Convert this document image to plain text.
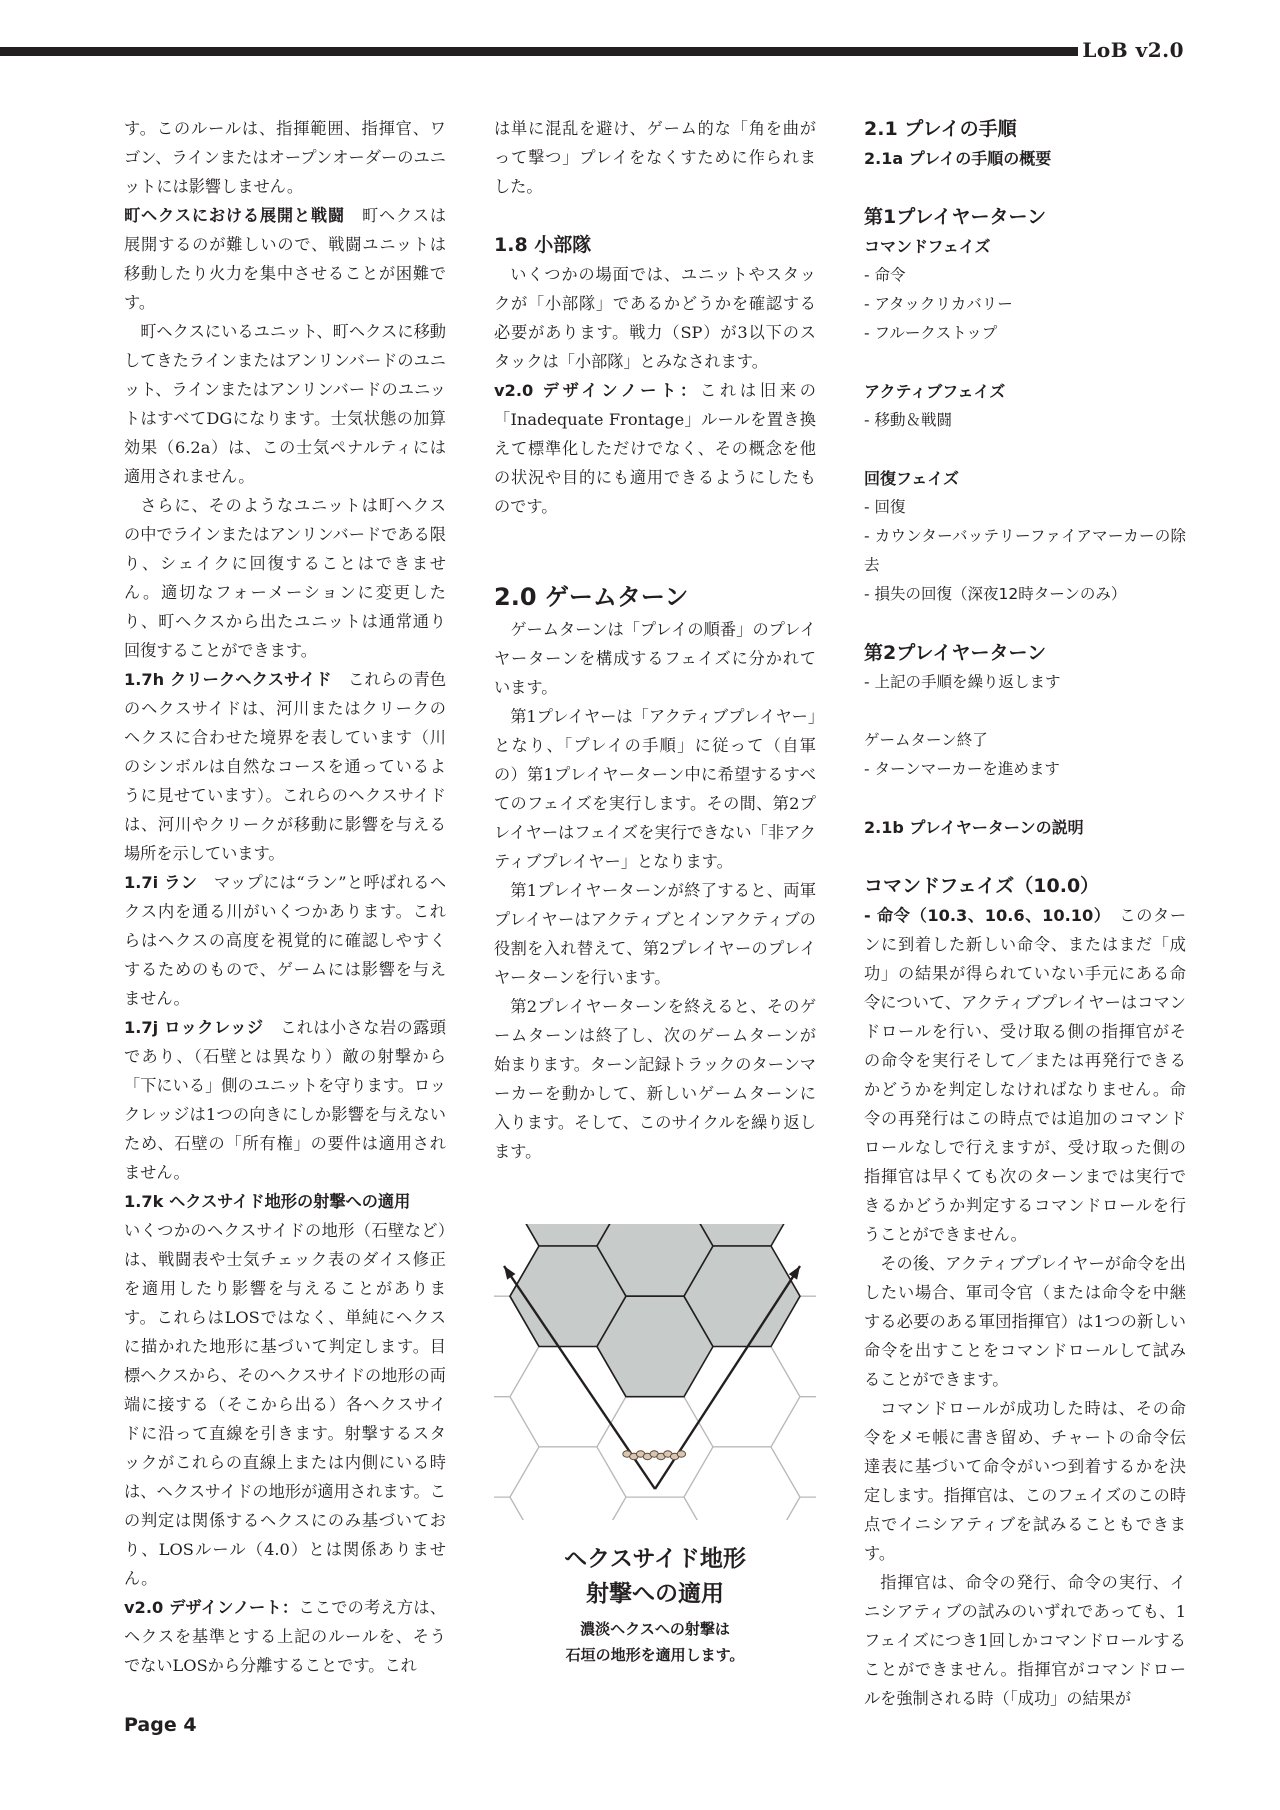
LoB v2.0

す。このルールは、指揮範囲、指揮官、ワゴン、ラインまたはオープンオーダーのユニットには影響しません。

町ヘクスにおける展開と戦闘　 町ヘクスは展開するのが難しいので、戦闘ユニットは移動したり火力を集中させることが困難です。

町ヘクスにいるユニット、町ヘクスに移動してきたラインまたはアンリンバードのユニット、ラインまたはアンリンバードのユニットはすべてDGになります。士気状態の加算効果（6.2a）は、この士気ペナルティには適用されません。

さらに、そのようなユニットは町ヘクスの中でラインまたはアンリンバードである限り、シェイクに回復することはできません。適切なフォーメーションに変更したり、町ヘクスから出たユニットは通常通り回復することができます。

1.7h クリークヘクスサイド　 これらの青色のヘクスサイドは、河川またはクリークのヘクスに合わせた境界を表しています（川のシンボルは自然なコースを通っているように見せています）。これらのヘクスサイドは、河川やクリークが移動に影響を与える場所を示しています。

1.7i ラン　 マップには“ラン”と呼ばれるヘクス内を通る川がいくつかあります。これらはヘクスの高度を視覚的に確認しやすくするためのもので、ゲームには影響を与えません。

1.7j ロックレッジ　 これは小さな岩の露頭であり、（石壁とは異なり）敵の射撃から「下にいる」側のユニットを守ります。ロックレッジは1つの向きにしか影響を与えないため、石壁の「所有権」の要件は適用されません。

1.7k ヘクスサイド地形の射撃への適用

いくつかのヘクスサイドの地形（石壁など）は、戦闘表や士気チェック表のダイス修正を適用したり影響を与えることがあります。これらはLOSではなく、単純にヘクスに描かれた地形に基づいて判定します。目標ヘクスから、そのヘクスサイドの地形の両端に接する（そこから出る）各ヘクスサイドに沿って直線を引きます。射撃するスタックがこれらの直線上または内側にいる時は、ヘクスサイドの地形が適用されます。この判定は関係するヘクスにのみ基づいており、LOSルール（4.0）とは関係ありません。

v2.0 デザインノート：ここでの考え方は、ヘクスを基準とする上記のルールを、そうでないLOSから分離することです。これ

は単に混乱を避け、ゲーム的な「角を曲がって撃つ」プレイをなくすために作られました。

1.8 小部隊

いくつかの場面では、ユニットやスタックが「小部隊」であるかどうかを確認する必要があります。戦力（SP）が3以下のスタックは「小部隊」とみなされます。

v2.0 デザインノート：これは旧来の「Inadequate Frontage」ルールを置き換えて標準化しただけでなく、その概念を他の状況や目的にも適用できるようにしたものです。

2.0 ゲームターン

ゲームターンは「プレイの順番」のプレイヤーターンを構成するフェイズに分かれています。

第1プレイヤーは「アクティブプレイヤー」となり、「プレイの手順」に従って（自軍の）第1プレイヤーターン中に希望するすべてのフェイズを実行します。その間、第2プレイヤーはフェイズを実行できない「非アクティブプレイヤー」となります。

第1プレイヤーターンが終了すると、両軍プレイヤーはアクティブとインアクティブの役割を入れ替えて、第2プレイヤーのプレイヤーターンを行います。

第2プレイヤーターンを終えると、そのゲームターンは終了し、次のゲームターンが始まります。ターン記録トラックのターンマーカーを動かして、新しいゲームターンに入ります。そして、このサイクルを繰り返します。

ヘクスサイド地形
射撃への適用
濃淡ヘクスへの射撃は
石垣の地形を適用します。

2.1 プレイの手順

2.1a プレイの手順の概要

第1プレイヤーターン

コマンドフェイズ

- 命令
- アタックリカバリー
- フルークストップ

アクティブフェイズ

- 移動＆戦闘

回復フェイズ

- 回復
- カウンターバッテリーファイアマーカーの除去
- 損失の回復（深夜12時ターンのみ）

第2プレイヤーターン

- 上記の手順を繰り返します
ゲームターン終了
- ターンマーカーを進めます

2.1b プレイヤーターンの説明

コマンドフェイズ（10.0）

- 命令（10.3、10.6、10.10）　 このターンに到着した新しい命令、またはまだ「成功」の結果が得られていない手元にある命令について、アクティブプレイヤーはコマンドロールを行い、受け取る側の指揮官がその命令を実行そして／または再発行できるかどうかを判定しなければなりません。命令の再発行はこの時点では追加のコマンドロールなしで行えますが、受け取った側の指揮官は早くても次のターンまでは実行できるかどうか判定するコマンドロールを行うことができません。

その後、アクティブプレイヤーが命令を出したい場合、軍司令官（または命令を中継する必要のある軍団指揮官）は1つの新しい命令を出すことをコマンドロールして試みることができます。

コマンドロールが成功した時は、その命令をメモ帳に書き留め、チャートの命令伝達表に基づいて命令がいつ到着するかを決定します。指揮官は、このフェイズのこの時点でイニシアティブを試みることもできます。

指揮官は、命令の発行、命令の実行、イニシアティブの試みのいずれであっても、1フェイズにつき1回しかコマンドロールすることができません。指揮官がコマンドロールを強制される時（「成功」の結果が

Page 4
